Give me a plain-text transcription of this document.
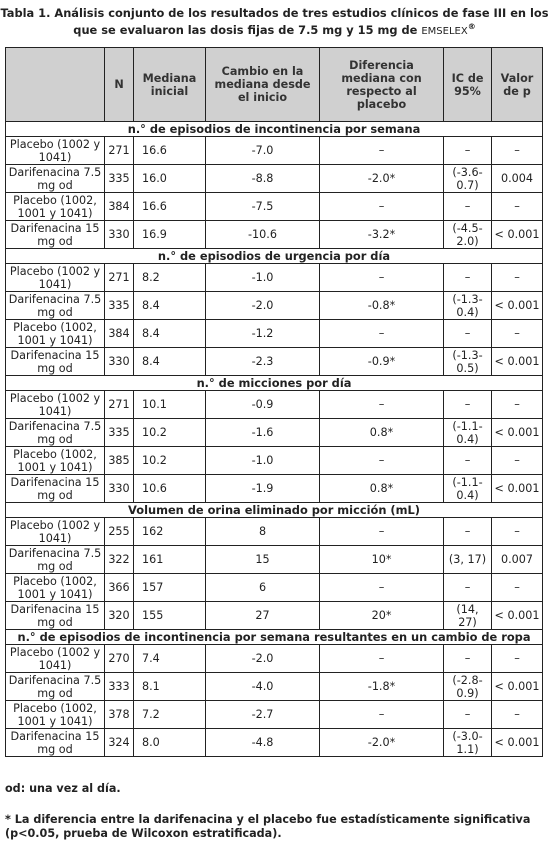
Tabla 1. Análisis conjunto de los resultados de tres estudios clínicos de fase III en los que se evaluaron las dosis fijas de 7.5 mg y 15 mg de EMSELEX®
	N	Mediana inicial	Cambio en la mediana desde el inicio	Diferencia mediana con respecto al placebo	IC de 95%	Valor de p
n.° de episodios de incontinencia por semana						
Placebo (1002 y 1041)	271	16.6	-7.0	–	–	–
Darifenacina 7.5 mg od	335	16.0	-8.8	-2.0*	(-3.6- 0.7)	0.004
Placebo (1002, 1001 y 1041)	384	16.6	-7.5	–	–	–
Darifenacina 15 mg od	330	16.9	-10.6	-3.2*	(-4.5- 2.0)	< 0.001
n.° de episodios de urgencia por día						
Placebo (1002 y 1041)	271	8.2	-1.0	–	–	–
Darifenacina 7.5 mg od	335	8.4	-2.0	-0.8*	(-1.3- 0.4)	< 0.001
Placebo (1002, 1001 y 1041)	384	8.4	-1.2	–	–	–
Darifenacina 15 mg od	330	8.4	-2.3	-0.9*	(-1.3- 0.5)	< 0.001
n.° de micciones por día						
Placebo (1002 y 1041)	271	10.1	-0.9	–	–	–
Darifenacina 7.5 mg od	335	10.2	-1.6	0.8*	(-1.1- 0.4)	< 0.001
Placebo (1002, 1001 y 1041)	385	10.2	-1.0	–	–	–
Darifenacina 15 mg od	330	10.6	-1.9	0.8*	(-1.1- 0.4)	< 0.001
Volumen de orina eliminado por micción (mL)						
Placebo (1002 y 1041)	255	162	8	–	–	–
Darifenacina 7.5 mg od	322	161	15	10*	(3, 17)	0.007
Placebo (1002, 1001 y 1041)	366	157	6	–	–	–
Darifenacina 15 mg od	320	155	27	20*	(14, 27)	< 0.001
n.° de episodios de incontinencia por semana resultantes en un cambio de ropa						
Placebo (1002 y 1041)	270	7.4	-2.0	–	–	–
Darifenacina 7.5 mg od	333	8.1	-4.0	-1.8*	(-2.8- 0.9)	< 0.001
Placebo (1002, 1001 y 1041)	378	7.2	-2.7	–	–	–
Darifenacina 15 mg od	324	8.0	-4.8	-2.0*	(-3.0- 1.1)	< 0.001

od: una vez al día.

* La diferencia entre la darifenacina y el placebo fue estadísticamente significativa (p<0.05, prueba de Wilcoxon estratificada).
